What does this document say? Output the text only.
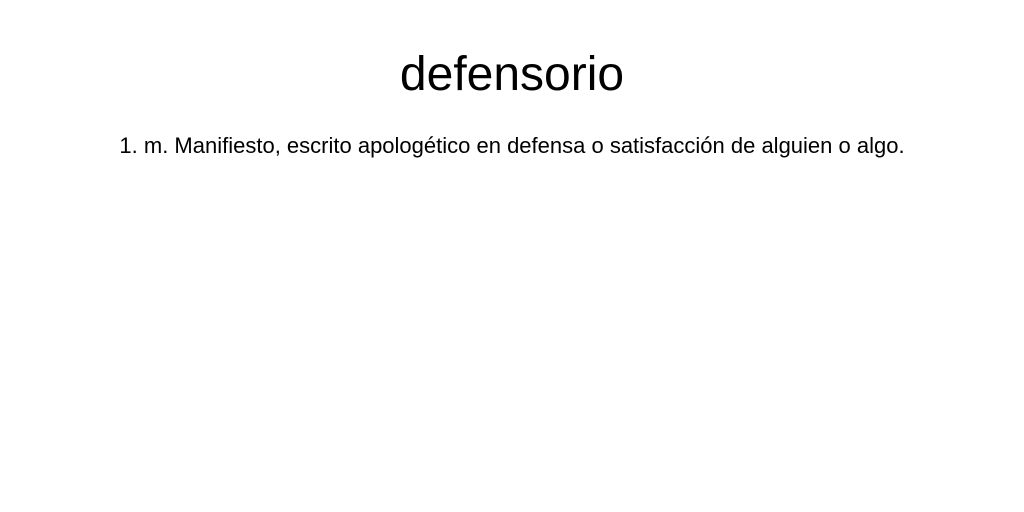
defensorio

1. m. Manifiesto, escrito apologético en defensa o satisfacción de alguien o algo.
